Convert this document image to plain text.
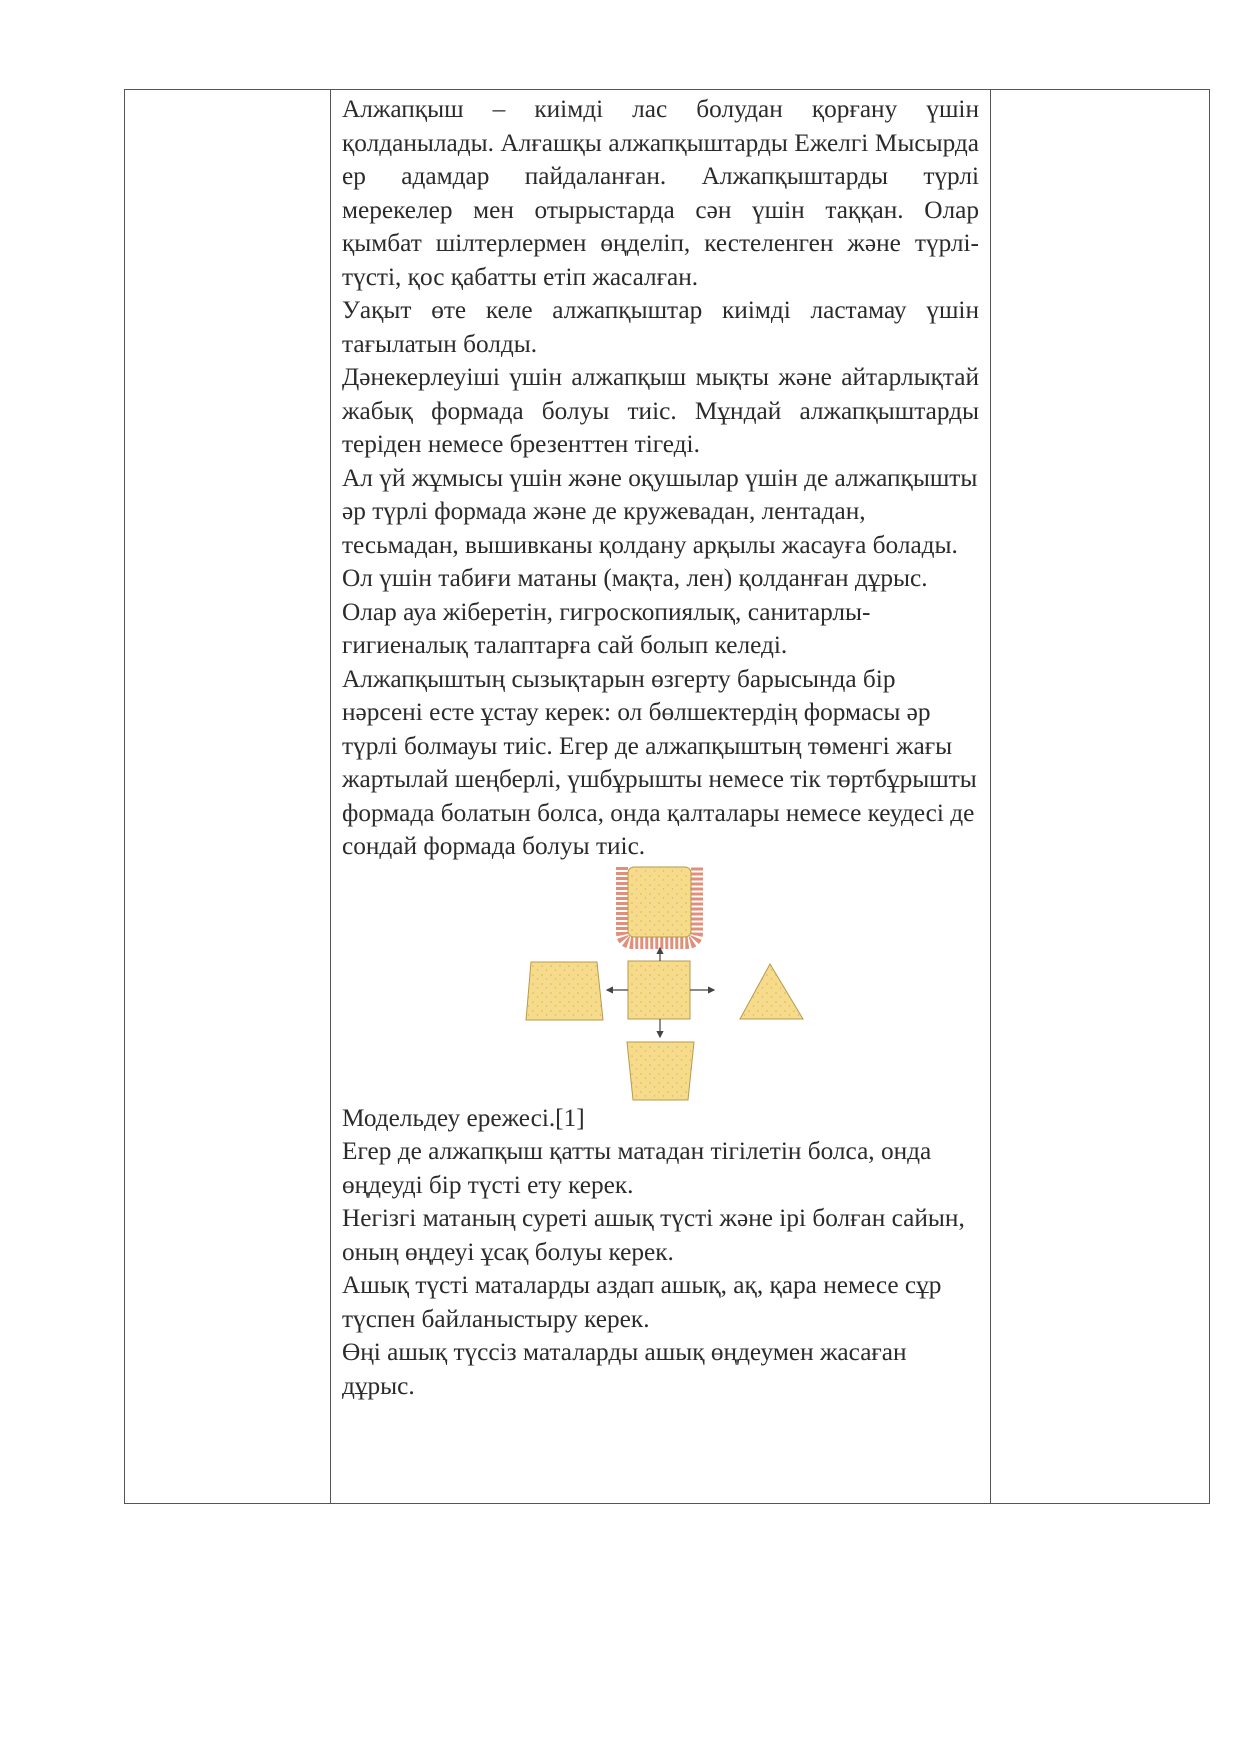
Алжапқыш – киімді лас болудан қорғану үшін қолданылады. Алғашқы алжапқыштарды Ежелгі Мысырда ер адамдар пайдаланған. Алжапқыштарды түрлі мерекелер мен отырыстарда сән үшін таққан. Олар қымбат шілтерлермен өңделіп, кестеленген және түрлі-түсті, қос қабатты етіп жасалған.

Уақыт өте келе алжапқыштар киімді ластамау үшін тағылатын болды.

Дәнекерлеуіші үшін алжапқыш мықты және айтарлықтай жабық формада болуы тиіс. Мұндай алжапқыштарды теріден немесе брезенттен тігеді.

Ал үй жұмысы үшін және оқушылар үшін де алжапқышты әр түрлі формада және де кружевадан, лентадан, тесьмадан, вышивканы қолдану арқылы жасауға болады. Ол үшін табиғи матаны (мақта, лен) қолданған дұрыс. Олар ауа жіберетін, гигроскопиялық, санитарлы-гигиеналық талаптарға сай болып келеді.

Алжапқыштың сызықтарын өзгерту барысында бір нәрсені есте ұстау керек: ол бөлшектердің формасы әр түрлі болмауы тиіс. Егер де алжапқыштың төменгі жағы жартылай шеңберлі, үшбұрышты немесе тік төртбұрышты формада болатын болса, онда қалталары немесе кеудесі де сондай формада болуы тиіс.

Модельдеу ережесі.[1]

Егер де алжапқыш қатты матадан тігілетін болса, онда өңдеуді бір түсті ету керек.

Негізгі матаның суреті ашық түсті және ірі болған сайын, оның өңдеуі ұсақ болуы керек.

Ашық түсті маталарды аздап ашық, ақ, қара немесе сұр түспен байланыстыру керек.

Өңі ашық түссіз маталарды ашық өңдеумен жасаған дұрыс.
